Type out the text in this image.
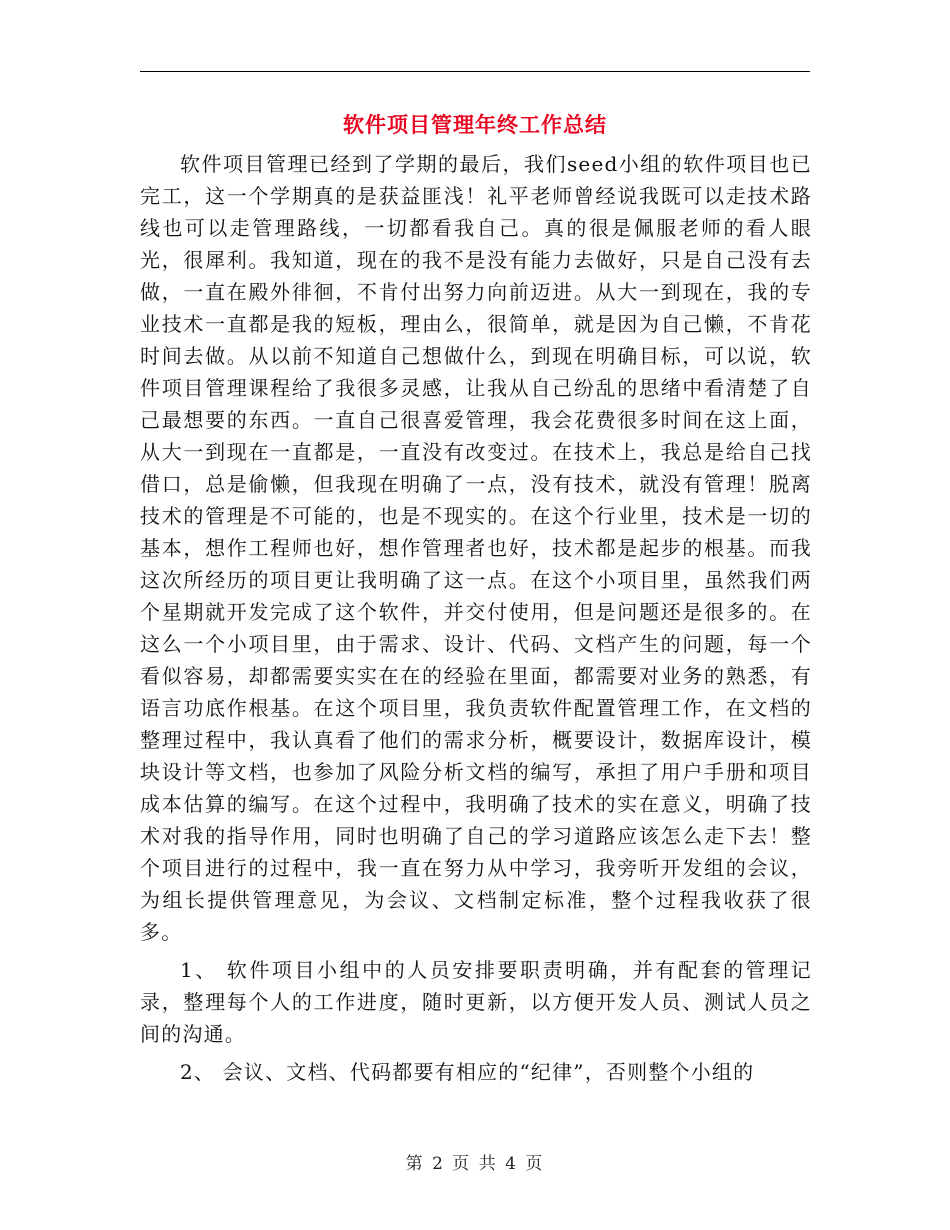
软件项目管理年终工作总结

软件项目管理已经到了学期的最后，我们seed小组的软件项目也已完工，这一个学期真的是获益匪浅！礼平老师曾经说我既可以走技术路线也可以走管理路线，一切都看我自己。真的很是佩服老师的看人眼光，很犀利。我知道，现在的我不是没有能力去做好，只是自己没有去做，一直在殿外徘徊，不肯付出努力向前迈进。从大一到现在，我的专业技术一直都是我的短板，理由么，很简单，就是因为自己懒，不肯花时间去做。从以前不知道自己想做什么，到现在明确目标，可以说，软件项目管理课程给了我很多灵感，让我从自己纷乱的思绪中看清楚了自己最想要的东西。一直自己很喜爱管理，我会花费很多时间在这上面，从大一到现在一直都是，一直没有改变过。在技术上，我总是给自己找借口，总是偷懒，但我现在明确了一点，没有技术，就没有管理！脱离技术的管理是不可能的，也是不现实的。在这个行业里，技术是一切的基本，想作工程师也好，想作管理者也好，技术都是起步的根基。而我这次所经历的项目更让我明确了这一点。在这个小项目里，虽然我们两个星期就开发完成了这个软件，并交付使用，但是问题还是很多的。在这么一个小项目里，由于需求、设计、代码、文档产生的问题，每一个看似容易，却都需要实实在在的经验在里面，都需要对业务的熟悉，有语言功底作根基。在这个项目里，我负责软件配置管理工作，在文档的整理过程中，我认真看了他们的需求分析，概要设计，数据库设计，模块设计等文档，也参加了风险分析文档的编写，承担了用户手册和项目成本估算的编写。在这个过程中，我明确了技术的实在意义，明确了技术对我的指导作用，同时也明确了自己的学习道路应该怎么走下去！整个项目进行的过程中，我一直在努力从中学习，我旁听开发组的会议，为组长提供管理意见，为会议、文档制定标准，整个过程我收获了很多。

1、 软件项目小组中的人员安排要职责明确，并有配套的管理记录，整理每个人的工作进度，随时更新，以方便开发人员、测试人员之间的沟通。

2、 会议、文档、代码都要有相应的“纪律”，否则整个小组的

第 2 页 共 4 页
